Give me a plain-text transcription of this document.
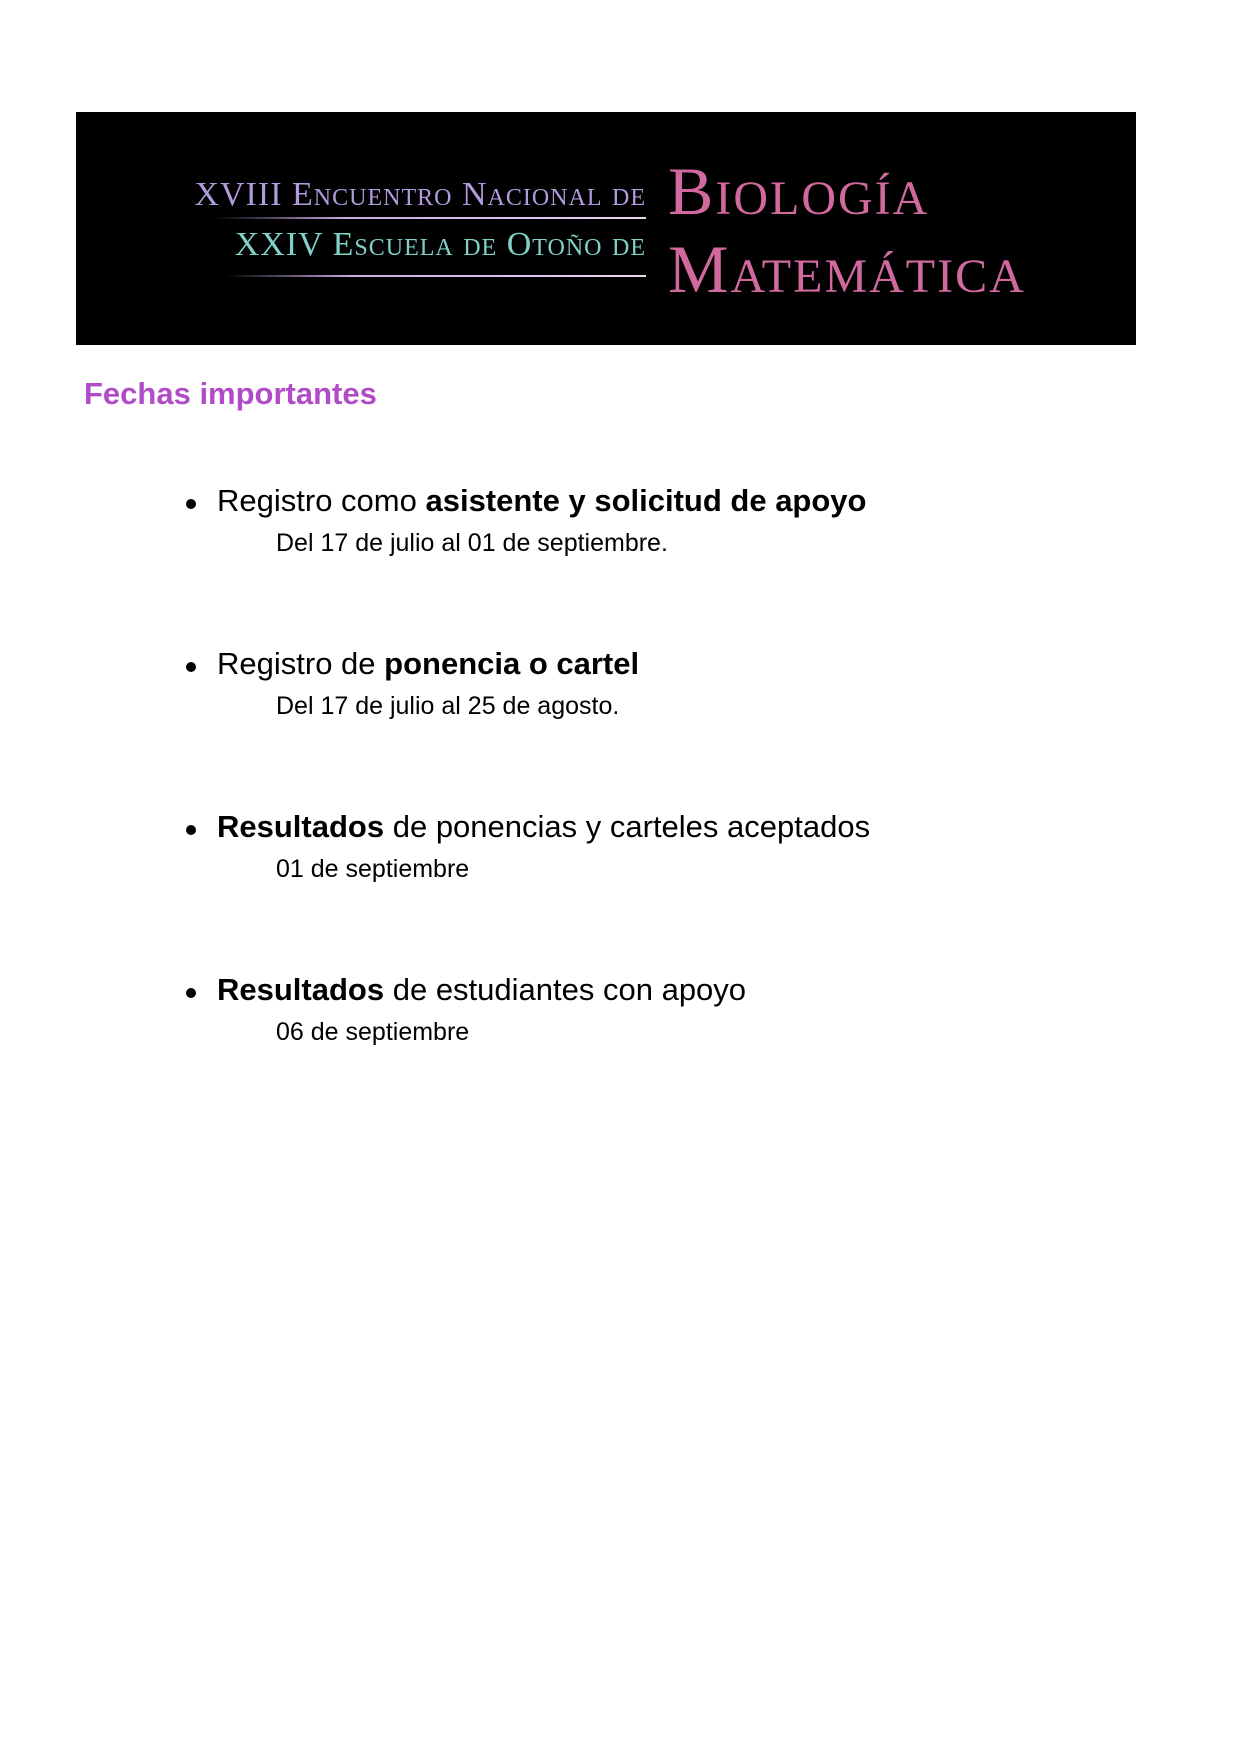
XVIII Encuentro Nacional de
XXIV Escuela de Otoño de
Biología
Matemática
Fechas importantes
Registro como asistente y solicitud de apoyo
Del 17 de julio al 01 de septiembre.
Registro de ponencia o cartel
Del 17 de julio al 25 de agosto.
Resultados de ponencias y carteles aceptados
01 de septiembre
Resultados de estudiantes con apoyo
06 de septiembre
